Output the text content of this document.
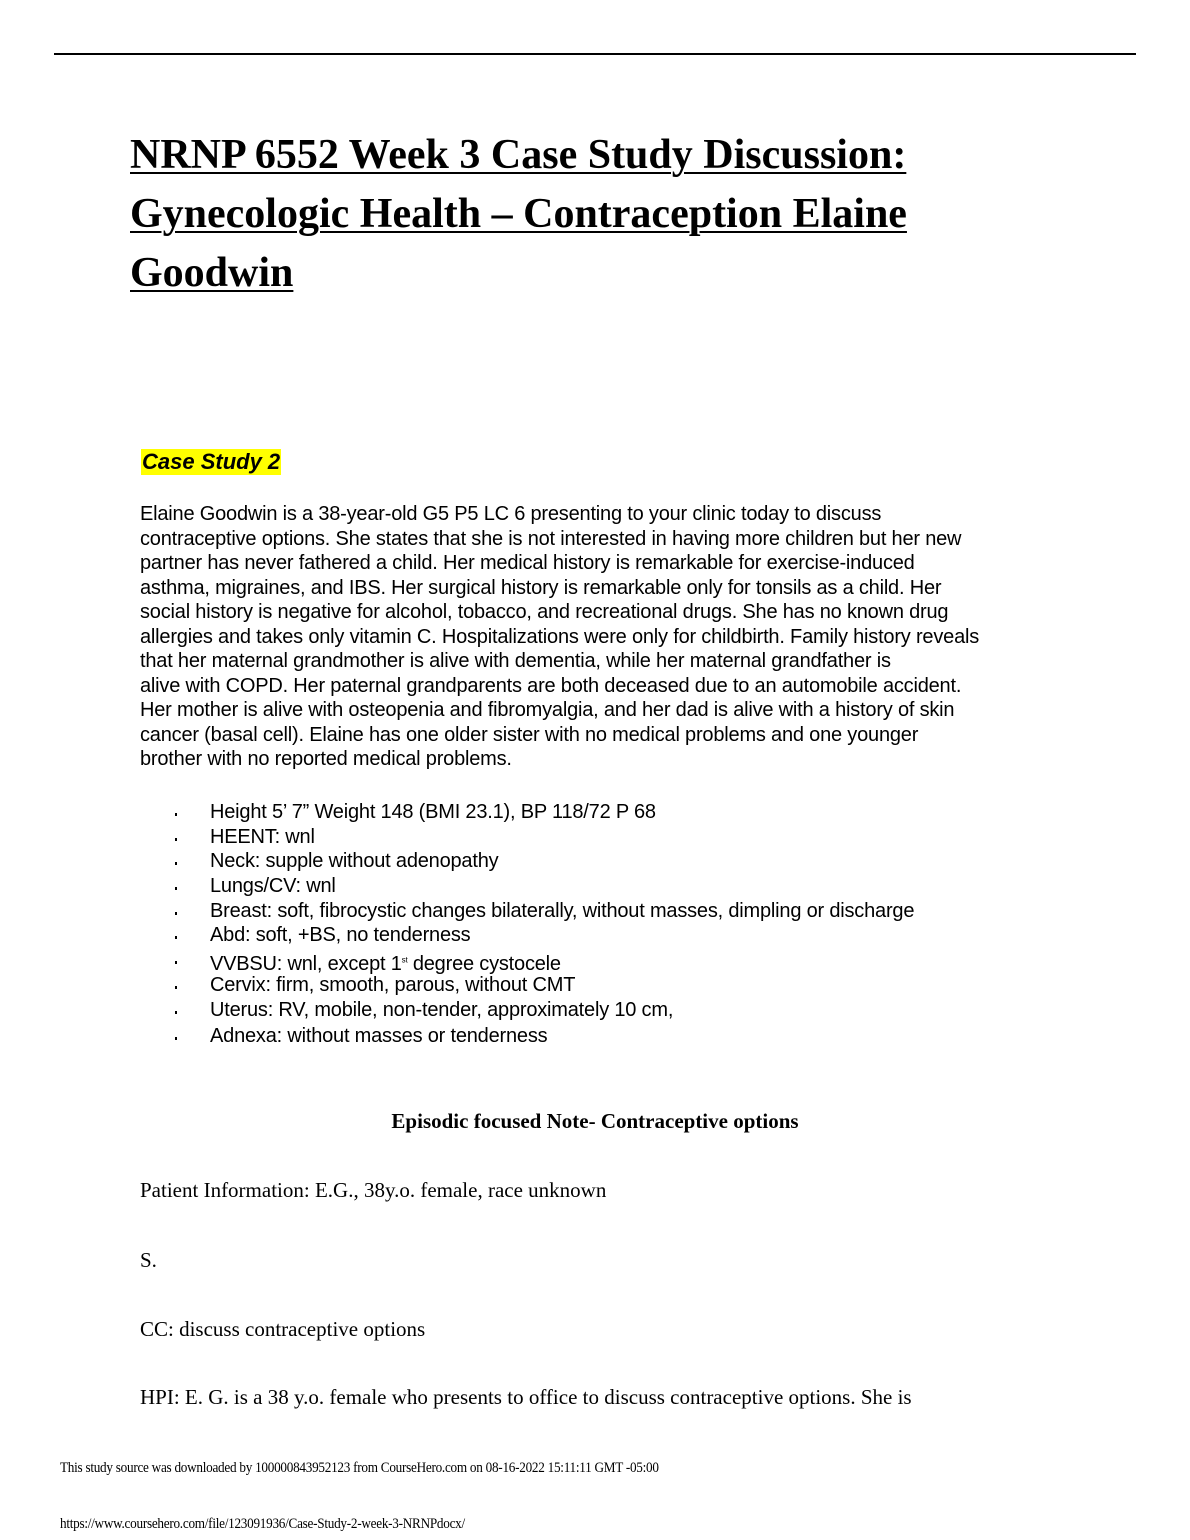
NRNP 6552 Week 3 Case Study Discussion:
Gynecologic Health – Contraception Elaine
Goodwin
Case Study 2
Elaine Goodwin is a 38-year-old G5 P5 LC 6 presenting to your clinic today to discuss
contraceptive options. She states that she is not interested in having more children but her new
partner has never fathered a child. Her medical history is remarkable for exercise-induced
asthma, migraines, and IBS. Her surgical history is remarkable only for tonsils as a child. Her
social history is negative for alcohol, tobacco, and recreational drugs. She has no known drug
allergies and takes only vitamin C. Hospitalizations were only for childbirth. Family history reveals
that her maternal grandmother is alive with dementia, while her maternal grandfather is
alive with COPD. Her paternal grandparents are both deceased due to an automobile accident.
Her mother is alive with osteopenia and fibromyalgia, and her dad is alive with a history of skin
cancer (basal cell). Elaine has one older sister with no medical problems and one younger
brother with no reported medical problems.
Height 5’ 7” Weight 148 (BMI 23.1), BP 118/72 P 68
HEENT: wnl
Neck: supple without adenopathy
Lungs/CV: wnl
Breast: soft, fibrocystic changes bilaterally, without masses, dimpling or discharge
Abd: soft, +BS, no tenderness
VVBSU: wnl, except 1st degree cystocele
Cervix: firm, smooth, parous, without CMT
Uterus: RV, mobile, non-tender, approximately 10 cm,
Adnexa: without masses or tenderness
Episodic focused Note- Contraceptive options
Patient Information: E.G., 38y.o. female, race unknown
S.
CC: discuss contraceptive options
HPI: E. G. is a 38 y.o. female who presents to office to discuss contraceptive options. She is
This study source was downloaded by 100000843952123 from CourseHero.com on 08-16-2022 15:11:11 GMT -05:00
https://www.coursehero.com/file/123091936/Case-Study-2-week-3-NRNPdocx/
